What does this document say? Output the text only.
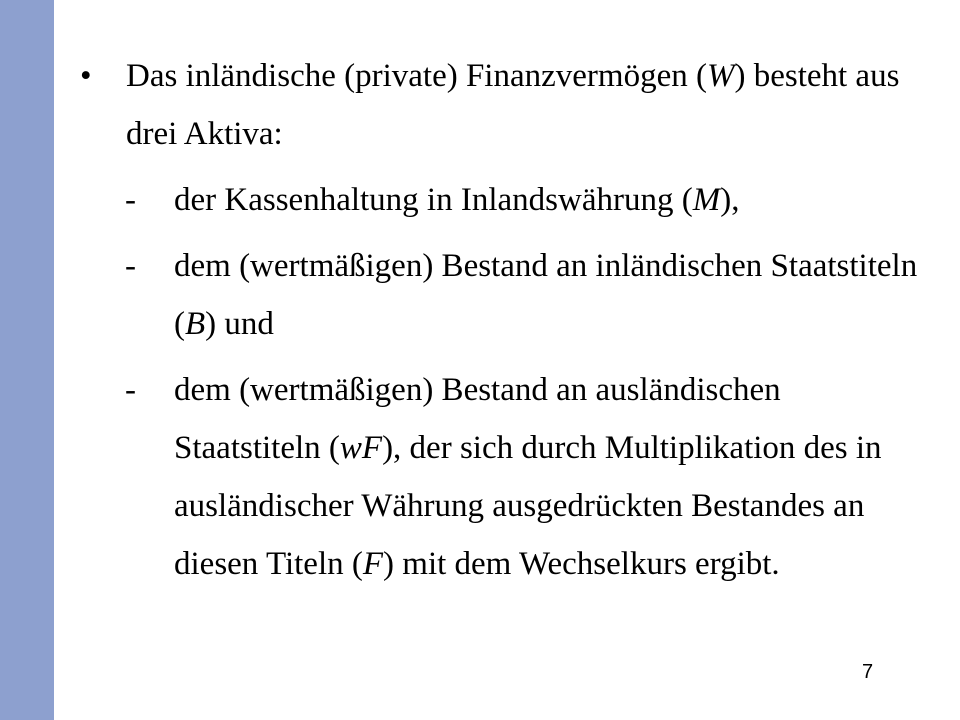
•	Das inländische (private) Finanzvermögen (W) besteht aus drei Aktiva:
-	der Kassenhaltung in Inlandswährung (M),
-	dem (wertmäßigen) Bestand an inländischen Staatstiteln (B) und
-	dem (wertmäßigen) Bestand an ausländischen Staatstiteln (wF), der sich durch Multiplikation des in ausländischer Währung ausgedrückten Bestandes an diesen Titeln (F) mit dem Wechselkurs ergibt.
7
